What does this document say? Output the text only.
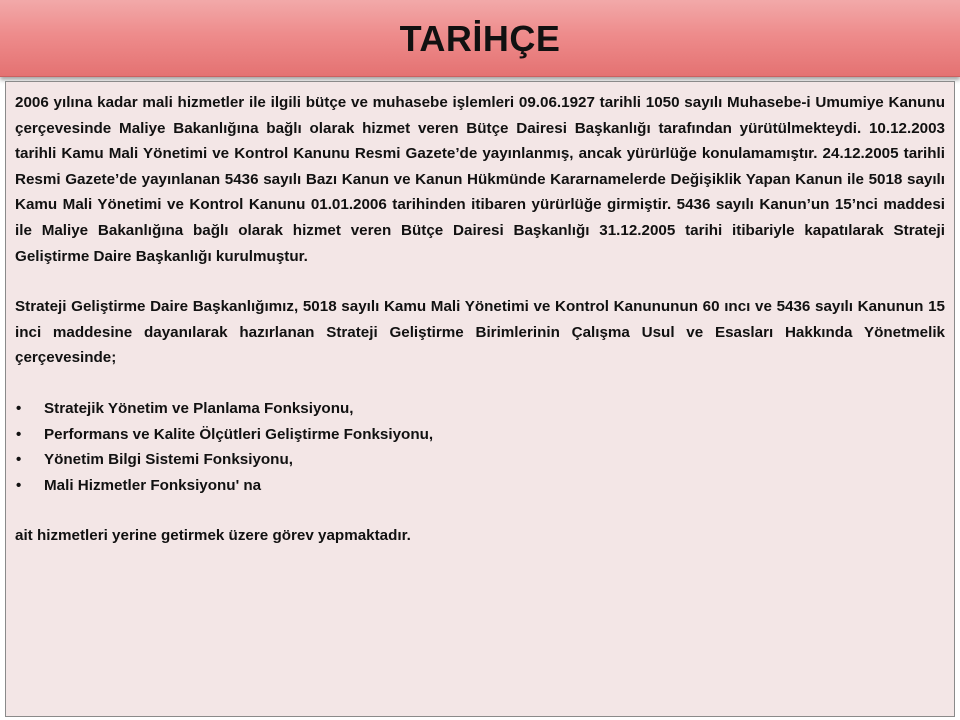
TARİHÇE

2006 yılına kadar mali hizmetler ile ilgili bütçe ve muhasebe işlemleri 09.06.1927 tarihli 1050 sayılı Muhasebe-i Umumiye Kanunu çerçevesinde Maliye Bakanlığına bağlı olarak hizmet veren Bütçe Dairesi Başkanlığı tarafından yürütülmekteydi. 10.12.2003 tarihli Kamu Mali Yönetimi ve Kontrol Kanunu Resmi Gazete’de yayınlanmış, ancak yürürlüğe konulamamıştır. 24.12.2005 tarihli Resmi Gazete’de yayınlanan 5436 sayılı Bazı Kanun ve Kanun Hükmünde Kararnamelerde Değişiklik Yapan Kanun ile 5018 sayılı Kamu Mali Yönetimi ve Kontrol Kanunu 01.01.2006 tarihinden itibaren yürürlüğe girmiştir. 5436 sayılı Kanun’un 15’nci maddesi ile Maliye Bakanlığına bağlı olarak hizmet veren Bütçe Dairesi Başkanlığı 31.12.2005 tarihi itibariyle kapatılarak Strateji Geliştirme Daire Başkanlığı kurulmuştur.

Strateji Geliştirme Daire Başkanlığımız, 5018 sayılı Kamu Mali Yönetimi ve Kontrol Kanununun 60 ıncı ve 5436 sayılı Kanunun 15 inci maddesine dayanılarak hazırlanan Strateji Geliştirme Birimlerinin Çalışma Usul ve Esasları Hakkında Yönetmelik çerçevesinde;

• Stratejik Yönetim ve Planlama Fonksiyonu,
• Performans ve Kalite Ölçütleri Geliştirme Fonksiyonu,
• Yönetim Bilgi Sistemi Fonksiyonu,
• Mali Hizmetler Fonksiyonu' na

ait hizmetleri yerine getirmek üzere görev yapmaktadır.
